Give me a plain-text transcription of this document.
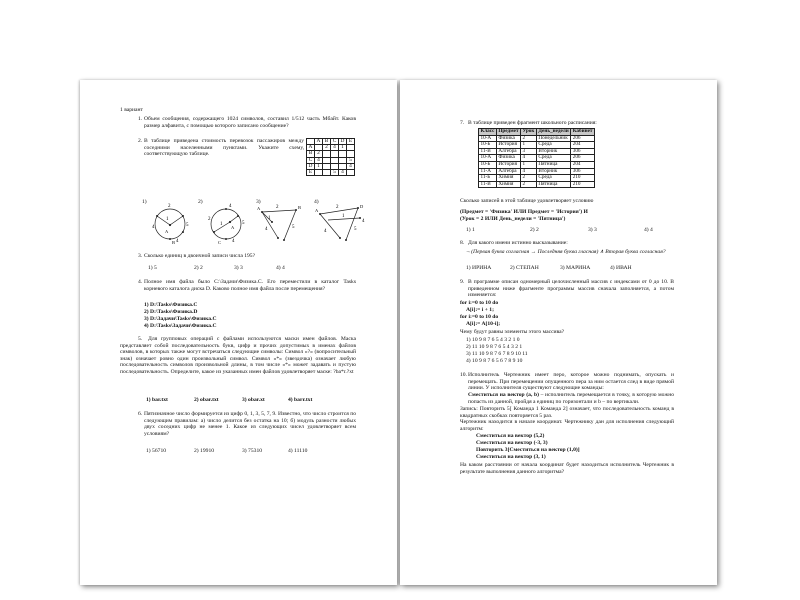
1 вариант
1. Объем сообщения, содержащего 1024 символов, составил 1/512 часть Мбайт. Каков размер алфавита, с помощью которого записано сообщение?
2. В таблице приведена стоимость перевозок пассажиров между соседними населенными пунктами. Укажите схему, соответствующую таблице.
	A	B	C	D	E
A		2	4	1	
B	2				
C	4				5
D	1				4
E			5	4	
1)	2)	3)	4)
2
4
1
5
4
A
B
4
2
5
1
4
A
C
2
4	5
1
A	B	2
4	5
1
4
A
D
3. Сколько единиц в двоичной записи числа 195?
1) 5	2) 2	3) 3	4) 4
4. Полное имя файла было C:\Задачи\Физика.C. Его переместили в каталог Tasks корневого каталога диска D. Каково полное имя файла после перемещения?
1) D:\Tasks\Физика.C
2) D:\Tasks\Физика.D
3) D:\Задачи\Tasks\Физика.C
4) D:\Tasks\Задачи\Физика.C
5.	Для групповых операций с файлами используются маски имен файлов. Маска представляет собой последовательность букв, цифр и прочих допустимых в именах файлов символов, в которых также могут встречаться следующие символы: Символ «?» (вопросительный знак) означает ровно один произвольный символ. Символ «*» (звездочка) означает любую последовательность символов произвольной длины, в том числе «*» может задавать и пустую последовательность. Определите, какое из указанных имен файлов удовлетворяет маске: ?ba*r.?xt
1) bar.txt	2) obar.txt	3) obar.xt	4) barr.txt
6. Пятизначное число формируется из цифр 0, 1, 3, 5, 7, 9. Известно, что число строится по следующим правилам: а) число делится без остатка на 10; б) модуль разности любых двух соседних цифр не менее 1. Какое из следующих чисел удовлетворяет всем условиям?
1) 56710	2) 19910	3) 75310	4) 11110
7. В таблице приведен фрагмент школьного расписания:
Класс	Предмет	Урок	День_недели	Кабинет
10-А	Физика	2	Понедельник	206
10-Б	История	1	Среда	204
11-В	Алгебра	3	Вторник	306
10-А	Физика	4	Среда	206
10-Б	История	1	Пятница	204
11-А	Алгебра	4	Вторник	306
11-Б	Химия	2	Среда	210
11-В	Химия	2	Пятница	210
Сколько записей в этой таблице удовлетворяет условию
(Предмет = 'Физика' ИЛИ Предмет = 'История') И
(Урок = 2 ИЛИ День_недели = 'Пятница')
1) 1	2) 2	3) 3	4) 4
8. Для какого имени истинно высказывание:
¬ (Первая буква согласная → Последняя буква гласная) ∧ Вторая буква согласная?
1) ИРИНА	2) СТЕПАН	3) МАРИНА	4) ИВАН
9. В программе описан одномерный целочисленный массив с индексами от 0 до 10. В приведенном ниже фрагменте программы массив сначала заполняется, а потом изменяется:
for i:=0 to 10 do
A[i]:= i + 1;
for i:=0 to 10 do
A[i]:= A[10-i];
Чему будут равны элементы этого массива?
1) 10 9 8 7 6 5 4 3 2 1 0
2) 11 10 9 8 7 6 5 4 3 2 1
3) 11 10 9 8 7 6 7 8 9 10 11
4) 10 9 8 7 6 5 6 7 8 9 10
10. Исполнитель Чертежник имеет перо, которое можно поднимать, опускать и перемещать. При перемещении опущенного пера за ним остается след в виде прямой линии. У исполнителя существуют следующие команды:
Сместиться на вектор (a, b) – исполнитель перемещается в точку, в которую можно попасть из данной, пройдя a единиц по горизонтали и b – по вертикали.
Запись: Повторить 5[ Команда 1 Команда 2] означает, что последовательность команд в квадратных скобках повторяется 5 раз.
Чертежник находится в начале координат. Чертежнику дан для исполнения следующий алгоритм:
Сместиться на вектор (5,2)
Сместиться на вектор (-3, 3)
Повторить 3[Сместиться на вектор (1,0)]
Сместиться на вектор (3, 1)
На каком расстоянии от начала координат будет находиться исполнитель Чертежник в результате выполнения данного алгоритма?
